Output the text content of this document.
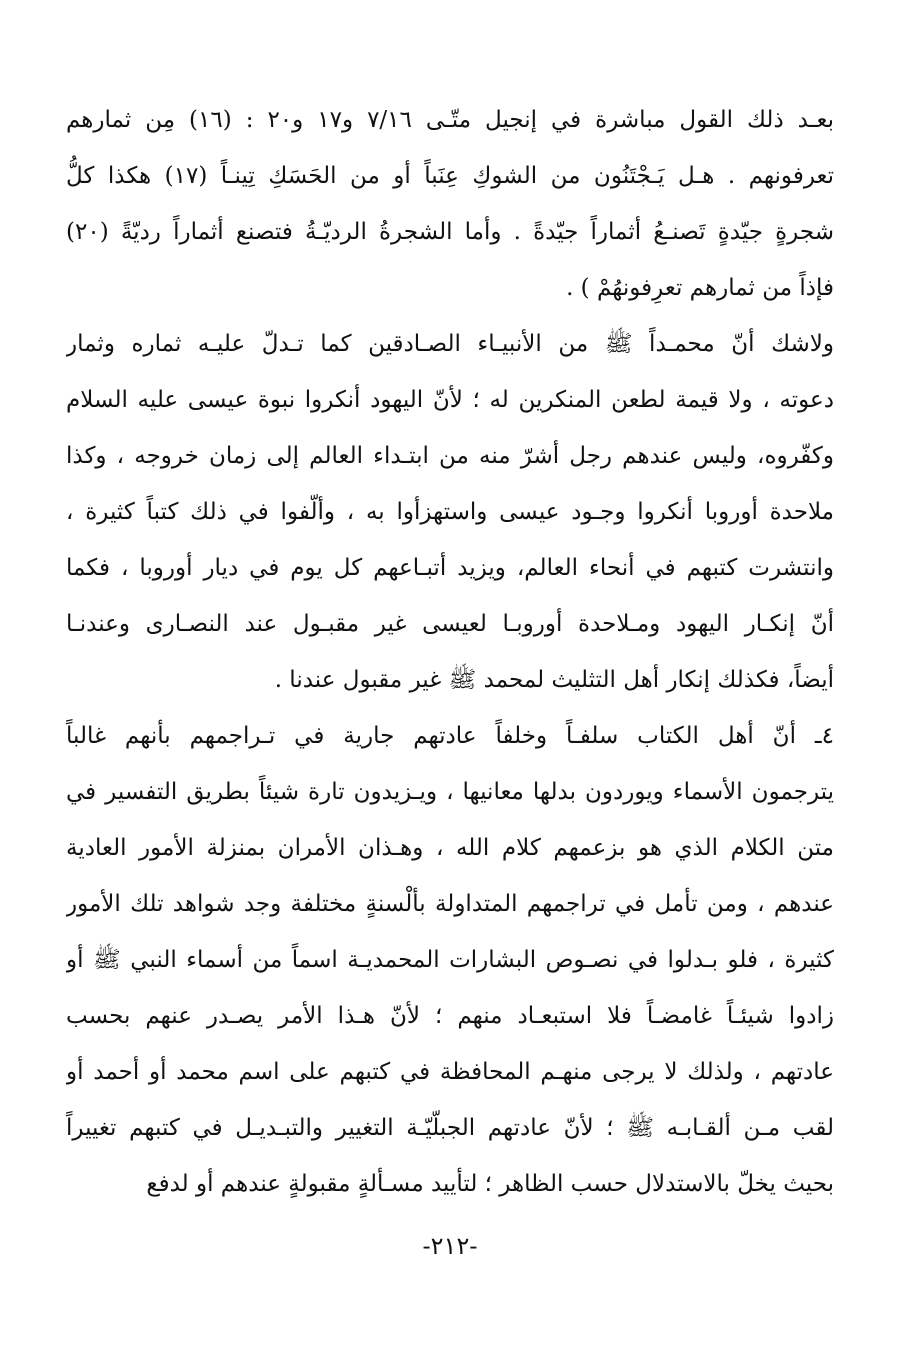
بعـد ذلك القول مباشرة في إنجيل متّـى ٧/١٦ و١٧ و٢٠ : (١٦) مِن ثمارهم
تعرفونهم . هـل يَـجْتَنُون من الشوكِ عِنَباً أو من الحَسَكِ تِينـاً (١٧) هكذا كلُّ
شجرةٍ جيّدةٍ تَصنـعُ أثماراً جيّدةً . وأما الشجرةُ الرديّـةُ فتصنع أثماراً رديّةً (٢٠)
فإذاً من ثمارهم تعرِفونهُمْ ) .
ولاشك أنّ محمـداً ﷺ من الأنبيـاء الصـادقين كما تـدلّ عليـه ثماره وثمار
دعوته ، ولا قيمة لطعن المنكرين له ؛ لأنّ اليهود أنكروا نبوة عيسى عليه السلام
وكفّروه، وليس عندهم رجل أشرّ منه من ابتـداء العالم إلى زمان خروجه ، وكذا
ملاحدة أوروبا أنكروا وجـود عيسى واستهزأوا به ، وألّفوا في ذلك كتباً كثيرة ،
وانتشرت كتبهم في أنحاء العالم، ويزيد أتبـاعهم كل يوم في ديار أوروبا ، فكما
أنّ إنكـار اليهود ومـلاحدة أوروبـا لعيسى غير مقبـول عند النصـارى وعندنـا
أيضاً، فكذلك إنكار أهل التثليث لمحمد ﷺ غير مقبول عندنا .
٤ـ أنّ أهل الكتاب سلفـاً وخلفاً عادتهم جارية في تـراجمهم بأنهم غالباً
يترجمون الأسماء ويوردون بدلها معانيها ، ويـزيدون تارة شيئاً بطريق التفسير في
متن الكلام الذي هو بزعمهم كلام الله ، وهـذان الأمران بمنزلة الأمور العادية
عندهم ، ومن تأمل في تراجمهم المتداولة بألْسنةٍ مختلفة وجد شواهد تلك الأمور
كثيرة ، فلو بـدلوا في نصـوص البشارات المحمديـة اسماً من أسماء النبي ﷺ أو
زادوا شيئـاً غامضـاً فلا استبعـاد منهم ؛ لأنّ هـذا الأمر يصـدر عنهم بحسب
عادتهم ، ولذلك لا يرجى منهـم المحافظة في كتبهم على اسم محمد أو أحمد أو
لقب مـن ألقـابـه ﷺ ؛ لأنّ عادتهم الجبلّيّـة التغيير والتبـديـل في كتبهم تغييراً
بحيث يخلّ بالاستدلال حسب الظاهر ؛ لتأييد مسـألةٍ مقبولةٍ عندهم أو لدفع
-٢١٢-
